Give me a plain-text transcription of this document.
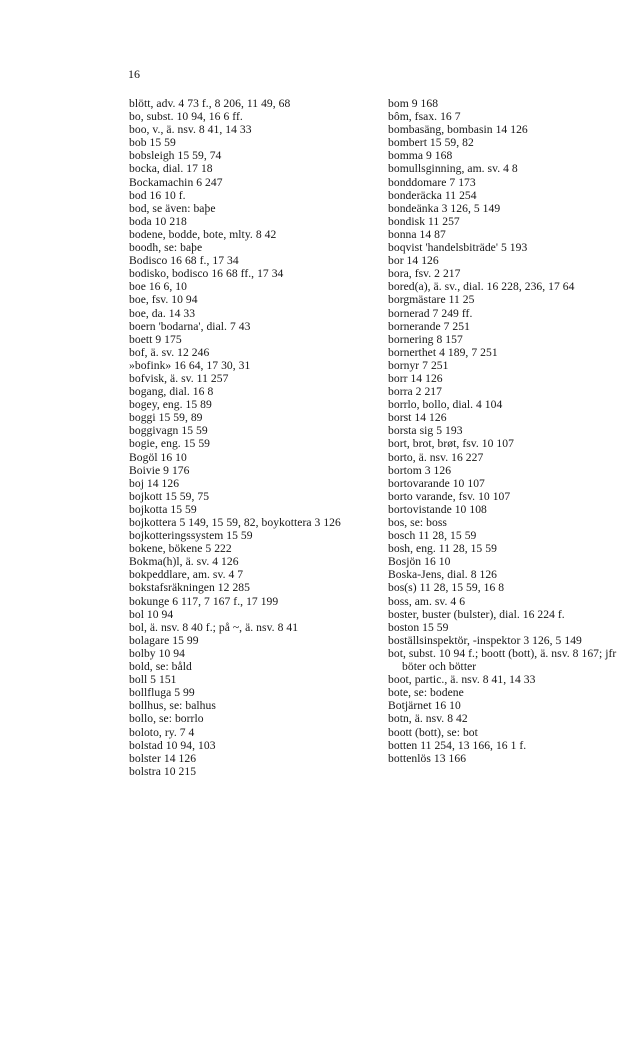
16
blött, adv. 4 73 f., 8 206, 11 49, 68
bo, subst. 10 94, 16 6 ff.
boo, v., ä. nsv. 8 41, 14 33
bob 15 59
bobsleigh 15 59, 74
bocka, dial. 17 18
Bockamachin 6 247
bod 16 10 f.
bod, se även: baþe
boda 10 218
bodene, bodde, bote, mlty. 8 42
boodh, se: baþe
Bodisco 16 68 f., 17 34
bodisko, bodisco 16 68 ff., 17 34
boe 16 6, 10
boe, fsv. 10 94
boe, da. 14 33
boern 'bodarna', dial. 7 43
boett 9 175
bof, ä. sv. 12 246
»bofink» 16 64, 17 30, 31
bofvisk, ä. sv. 11 257
bogang, dial. 16 8
bogey, eng. 15 89
boggi 15 59, 89
boggivagn 15 59
bogie, eng. 15 59
Bogöl 16 10
Boivie 9 176
boj 14 126
bojkott 15 59, 75
bojkotta 15 59
bojkottera 5 149, 15 59, 82, boykottera 3 126
bojkotteringssystem 15 59
bokene, bökene 5 222
Bokma(h)l, ä. sv. 4 126
bokpeddlare, am. sv. 4 7
bokstafsräkningen 12 285
bokunge 6 117, 7 167 f., 17 199
bol 10 94
bol, ä. nsv. 8 40 f.; på ~, ä. nsv. 8 41
bolagare 15 99
bolby 10 94
bold, se: båld
boll 5 151
bollfluga 5 99
bollhus, se: balhus
bollo, se: borrlo
boloto, ry. 7 4
bolstad 10 94, 103
bolster 14 126
bolstra 10 215
bom 9 168
bôm, fsax. 16 7
bombasäng, bombasin 14 126
bombert 15 59, 82
bomma 9 168
bomullsginning, am. sv. 4 8
bonddomare 7 173
bonderäcka 11 254
bondeänka 3 126, 5 149
bondisk 11 257
bonna 14 87
boqvist 'handelsbiträde' 5 193
bor 14 126
bora, fsv. 2 217
bored(a), ä. sv., dial. 16 228, 236, 17 64
borgmästare 11 25
bornerad 7 249 ff.
bornerande 7 251
bornering 8 157
bornerthet 4 189, 7 251
bornyr 7 251
borr 14 126
borra 2 217
borrlo, bollo, dial. 4 104
borst 14 126
borsta sig 5 193
bort, brot, brøt, fsv. 10 107
borto, ä. nsv. 16 227
bortom 3 126
bortovarande 10 107
borto varande, fsv. 10 107
bortovistande 10 108
bos, se: boss
bosch 11 28, 15 59
bosh, eng. 11 28, 15 59
Bosjön 16 10
Boska-Jens, dial. 8 126
bos(s) 11 28, 15 59, 16 8
boss, am. sv. 4 6
boster, buster (bulster), dial. 16 224 f.
boston 15 59
boställsinspektör, -inspektor 3 126, 5 149
bot, subst. 10 94 f.; boott (bott), ä. nsv. 8 167; jfr böter och bötter
boot, partic., ä. nsv. 8 41, 14 33
bote, se: bodene
Botjärnet 16 10
botn, ä. nsv. 8 42
boott (bott), se: bot
botten 11 254, 13 166, 16 1 f.
bottenlös 13 166
